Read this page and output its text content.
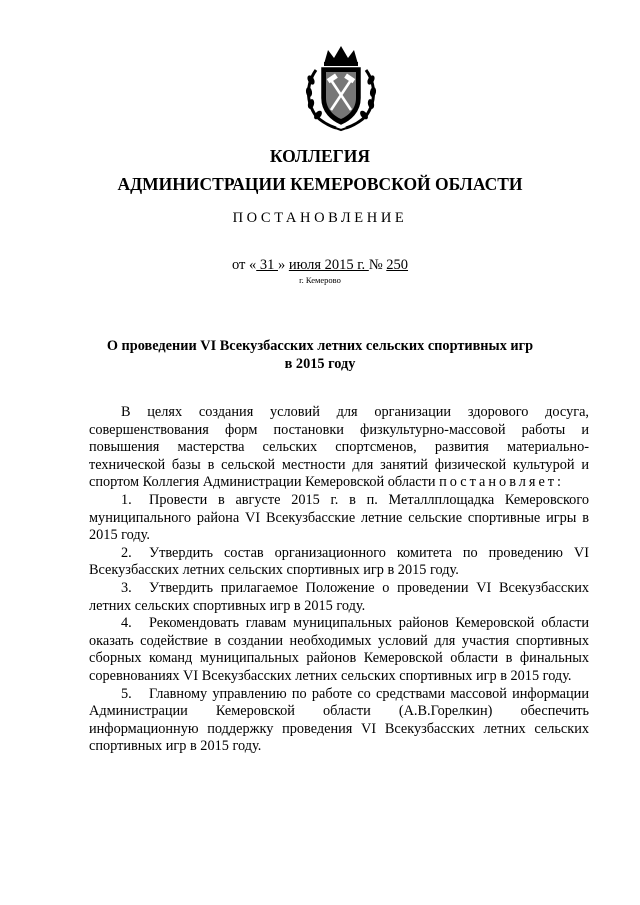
КОЛЛЕГИЯ
АДМИНИСТРАЦИИ КЕМЕРОВСКОЙ ОБЛАСТИ
ПОСТАНОВЛЕНИЕ
от « 31 » июля 2015 г. № 250
г. Кемерово
О проведении VI Всекузбасских летних сельских спортивных игр
в 2015 году

В целях создания условий для организации здорового досуга, совершенствования форм постановки физкультурно-массовой работы и повышения мастерства сельских спортсменов, развития материально-технической базы в сельской местности для занятий физической культурой и спортом Коллегия Администрации Кемеровской области постановляет:

1. Провести в августе 2015 г. в п. Металлплощадка Кемеровского муниципального района VI Всекузбасские летние сельские спортивные игры в 2015 году.

2. Утвердить состав организационного комитета по проведению VI Всекузбасских летних сельских спортивных игр в 2015 году.

3. Утвердить прилагаемое Положение о проведении VI Всекузбасских летних сельских спортивных игр в 2015 году.

4. Рекомендовать главам муниципальных районов Кемеровской области оказать содействие в создании необходимых условий для участия спортивных сборных команд муниципальных районов Кемеровской области в финальных соревнованиях VI Всекузбасских летних сельских спортивных игр в 2015 году.

5. Главному управлению по работе со средствами массовой информации Администрации Кемеровской области (А.В.Горелкин) обеспечить информационную поддержку проведения VI Всекузбасских летних сельских спортивных игр в 2015 году.
